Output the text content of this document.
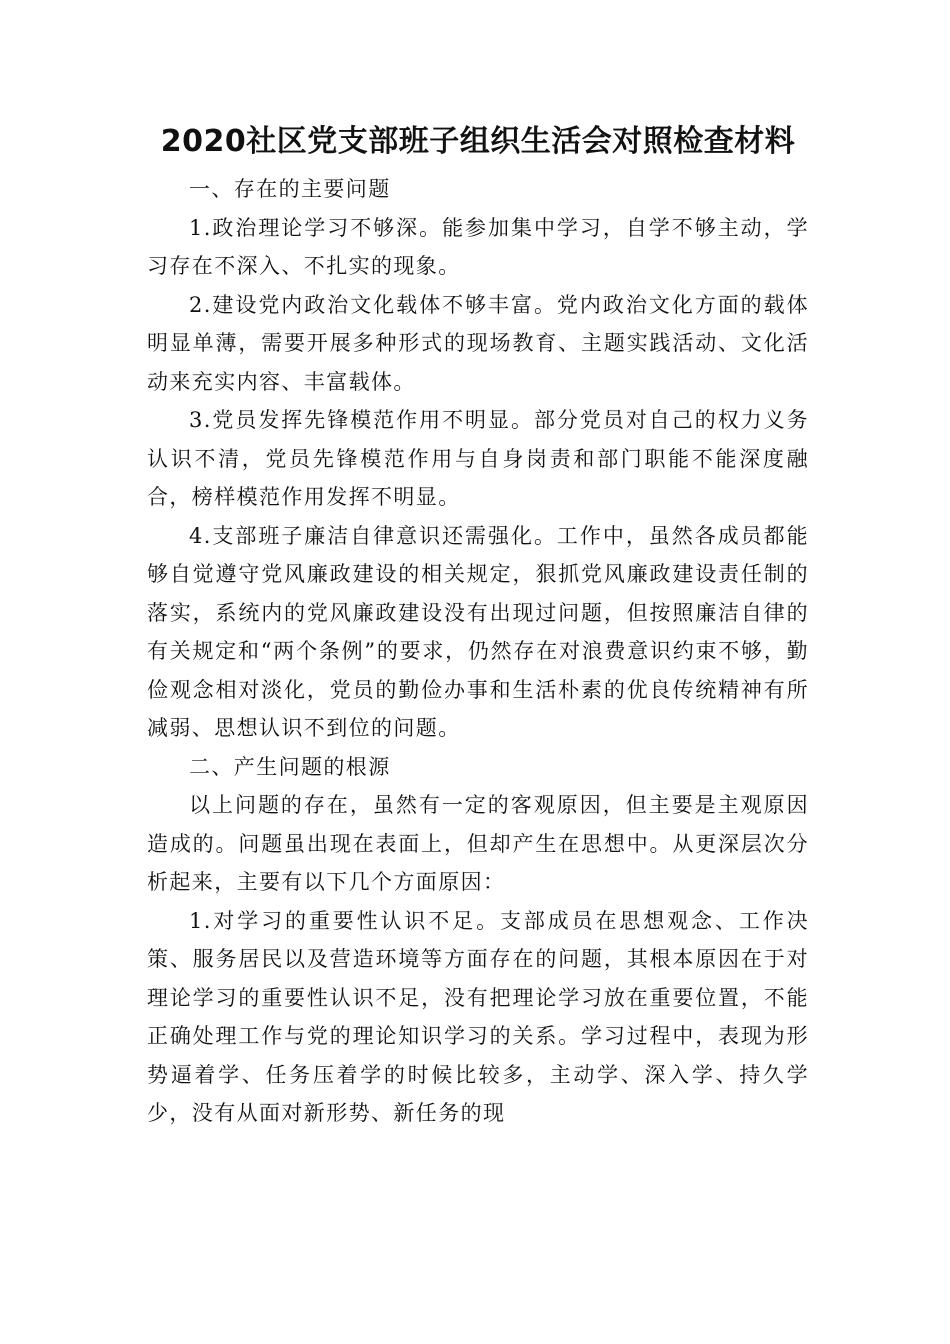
2020社区党支部班子组织生活会对照检查材料

一、存在的主要问题

1.政治理论学习不够深。能参加集中学习，自学不够主动，学习存在不深入、不扎实的现象。

2.建设党内政治文化载体不够丰富。党内政治文化方面的载体明显单薄，需要开展多种形式的现场教育、主题实践活动、文化活动来充实内容、丰富载体。

3.党员发挥先锋模范作用不明显。部分党员对自己的权力义务认识不清，党员先锋模范作用与自身岗责和部门职能不能深度融合，榜样模范作用发挥不明显。

4.支部班子廉洁自律意识还需强化。工作中，虽然各成员都能够自觉遵守党风廉政建设的相关规定，狠抓党风廉政建设责任制的落实，系统内的党风廉政建设没有出现过问题，但按照廉洁自律的有关规定和“两个条例”的要求，仍然存在对浪费意识约束不够，勤俭观念相对淡化，党员的勤俭办事和生活朴素的优良传统精神有所减弱、思想认识不到位的问题。

二、产生问题的根源

以上问题的存在，虽然有一定的客观原因，但主要是主观原因造成的。问题虽出现在表面上，但却产生在思想中。从更深层次分析起来，主要有以下几个方面原因：

1.对学习的重要性认识不足。支部成员在思想观念、工作决策、服务居民以及营造环境等方面存在的问题，其根本原因在于对理论学习的重要性认识不足，没有把理论学习放在重要位置，不能正确处理工作与党的理论知识学习的关系。学习过程中，表现为形势逼着学、任务压着学的时候比较多，主动学、深入学、持久学少，没有从面对新形势、新任务的现
